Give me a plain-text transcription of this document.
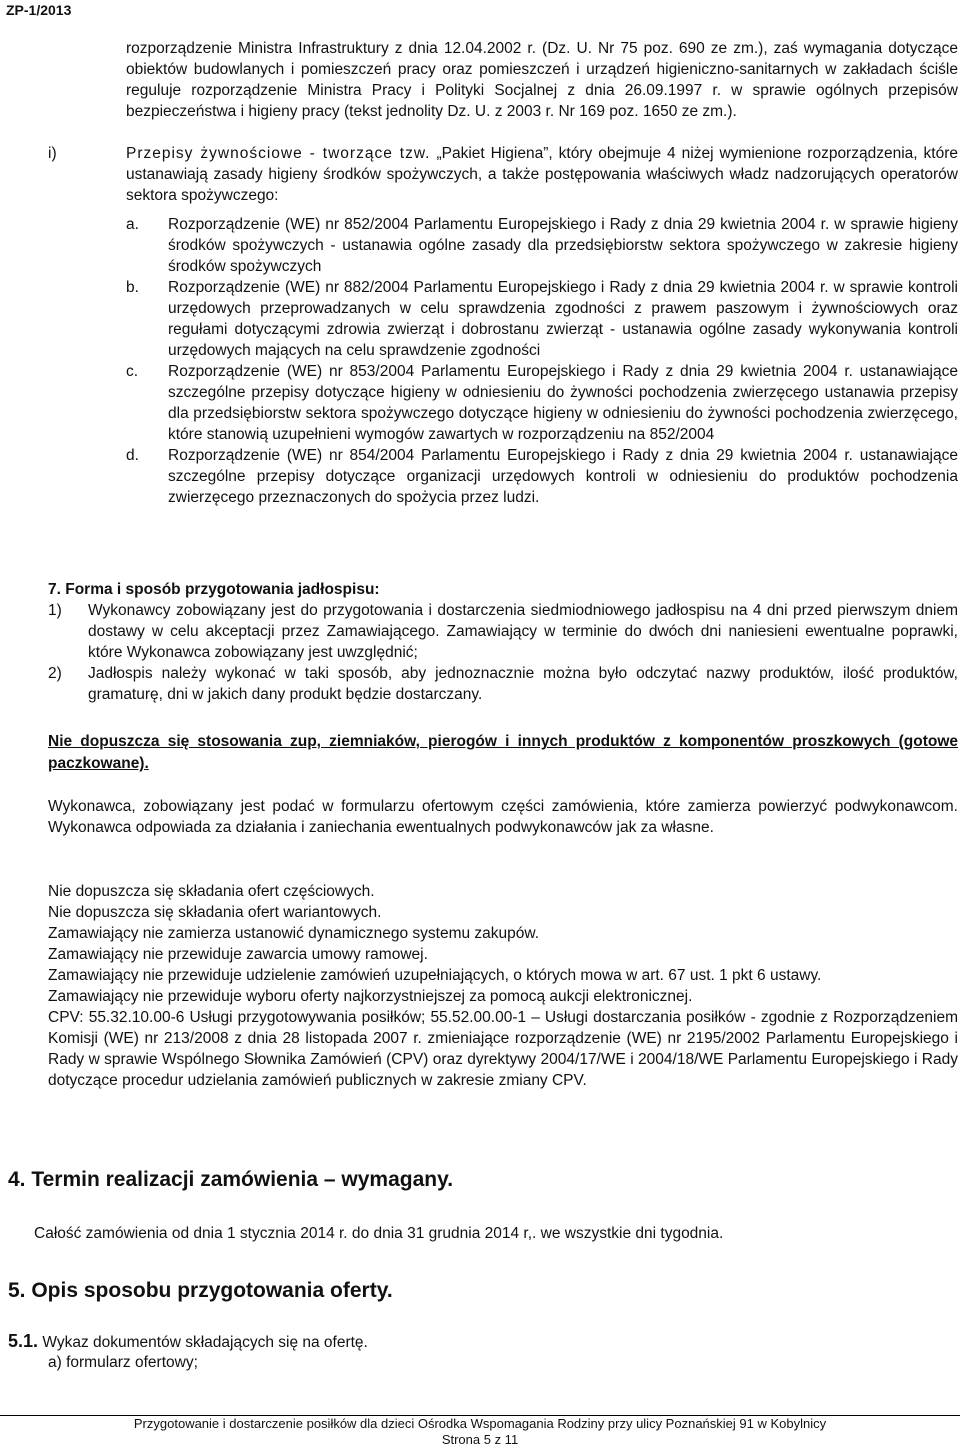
ZP-1/2013

rozporządzenie Ministra Infrastruktury z dnia 12.04.2002 r. (Dz. U. Nr 75 poz. 690 ze zm.), zaś wymagania dotyczące obiektów budowlanych i pomieszczeń pracy oraz pomieszczeń i urządzeń higieniczno-sanitarnych w zakładach ściśle reguluje rozporządzenie Ministra Pracy i Polityki Socjalnej z dnia 26.09.1997 r. w sprawie ogólnych przepisów bezpieczeństwa i higieny pracy (tekst jednolity Dz. U. z 2003 r. Nr 169 poz. 1650 ze zm.).

i)	Przepisy żywnościowe - tworzące tzw. „Pakiet Higiena”, który obejmuje 4 niżej wymienione rozporządzenia, które ustanawiają zasady higieny środków spożywczych, a także postępowania właściwych władz nadzorujących operatorów sektora spożywczego:

a. Rozporządzenie (WE) nr 852/2004 Parlamentu Europejskiego i Rady z dnia 29 kwietnia 2004 r. w sprawie higieny środków spożywczych - ustanawia ogólne zasady dla przedsiębiorstw sektora spożywczego w zakresie higieny środków spożywczych

b. Rozporządzenie (WE) nr 882/2004 Parlamentu Europejskiego i Rady z dnia 29 kwietnia 2004 r. w sprawie kontroli urzędowych przeprowadzanych w celu sprawdzenia zgodności z prawem paszowym i żywnościowych oraz regułami dotyczącymi zdrowia zwierząt i dobrostanu zwierząt - ustanawia ogólne zasady wykonywania kontroli urzędowych mających na celu sprawdzenie zgodności

c. Rozporządzenie (WE) nr 853/2004 Parlamentu Europejskiego i Rady z dnia 29 kwietnia 2004 r. ustanawiające szczególne przepisy dotyczące higieny w odniesieniu do żywności pochodzenia zwierzęcego ustanawia przepisy dla przedsiębiorstw sektora spożywczego dotyczące higieny w odniesieniu do żywności pochodzenia zwierzęcego, które stanowią uzupełnieni wymogów zawartych w rozporządzeniu na 852/2004

d. Rozporządzenie (WE) nr 854/2004 Parlamentu Europejskiego i Rady z dnia 29 kwietnia 2004 r. ustanawiające szczególne przepisy dotyczące organizacji urzędowych kontroli w odniesieniu do produktów pochodzenia zwierzęcego przeznaczonych do spożycia przez ludzi.

7. Forma i sposób przygotowania jadłospisu:
1) Wykonawcy zobowiązany jest do przygotowania i dostarczenia siedmiodniowego jadłospisu na 4 dni przed pierwszym dniem dostawy w celu akceptacji przez Zamawiającego. Zamawiający w terminie do dwóch dni naniesieni ewentualne poprawki, które Wykonawca zobowiązany jest uwzględnić;

2) Jadłospis należy wykonać w taki sposób, aby jednoznacznie można było odczytać nazwy produktów, ilość produktów, gramaturę, dni w jakich dany produkt będzie dostarczany.

Nie dopuszcza się stosowania zup, ziemniaków, pierogów i innych produktów z komponentów proszkowych (gotowe paczkowane).

Wykonawca, zobowiązany jest podać w formularzu ofertowym części zamówienia, które zamierza powierzyć podwykonawcom. Wykonawca odpowiada za działania i zaniechania ewentualnych podwykonawców jak za własne.

Nie dopuszcza się składania ofert częściowych.
Nie dopuszcza się składania ofert wariantowych.
Zamawiający nie zamierza ustanowić dynamicznego systemu zakupów.
Zamawiający nie przewiduje zawarcia umowy ramowej.

Zamawiający nie przewiduje udzielenie zamówień uzupełniających, o których mowa w art. 67 ust. 1 pkt 6 ustawy.

Zamawiający nie przewiduje wyboru oferty najkorzystniejszej za pomocą aukcji elektronicznej.

CPV: 55.32.10.00-6 Usługi przygotowywania posiłków; 55.52.00.00-1 – Usługi dostarczania posiłków - zgodnie z Rozporządzeniem Komisji (WE) nr 213/2008 z dnia 28 listopada 2007 r. zmieniające rozporządzenie (WE) nr 2195/2002 Parlamentu Europejskiego i Rady w sprawie Wspólnego Słownika Zamówień (CPV) oraz dyrektywy 2004/17/WE i 2004/18/WE Parlamentu Europejskiego i Rady dotyczące procedur udzielania zamówień publicznych w zakresie zmiany CPV.

4. Termin realizacji zamówienia – wymagany.
Całość zamówienia od dnia 1 stycznia 2014 r. do dnia 31 grudnia 2014 r,. we wszystkie dni tygodnia.
5. Opis sposobu przygotowania oferty.
5.1. Wykaz dokumentów składających się na ofertę.
a) formularz ofertowy;
Przygotowanie i dostarczenie posiłków dla dzieci Ośrodka Wspomagania Rodziny przy ulicy Poznańskiej 91 w Kobylnicy
Strona 5 z 11
